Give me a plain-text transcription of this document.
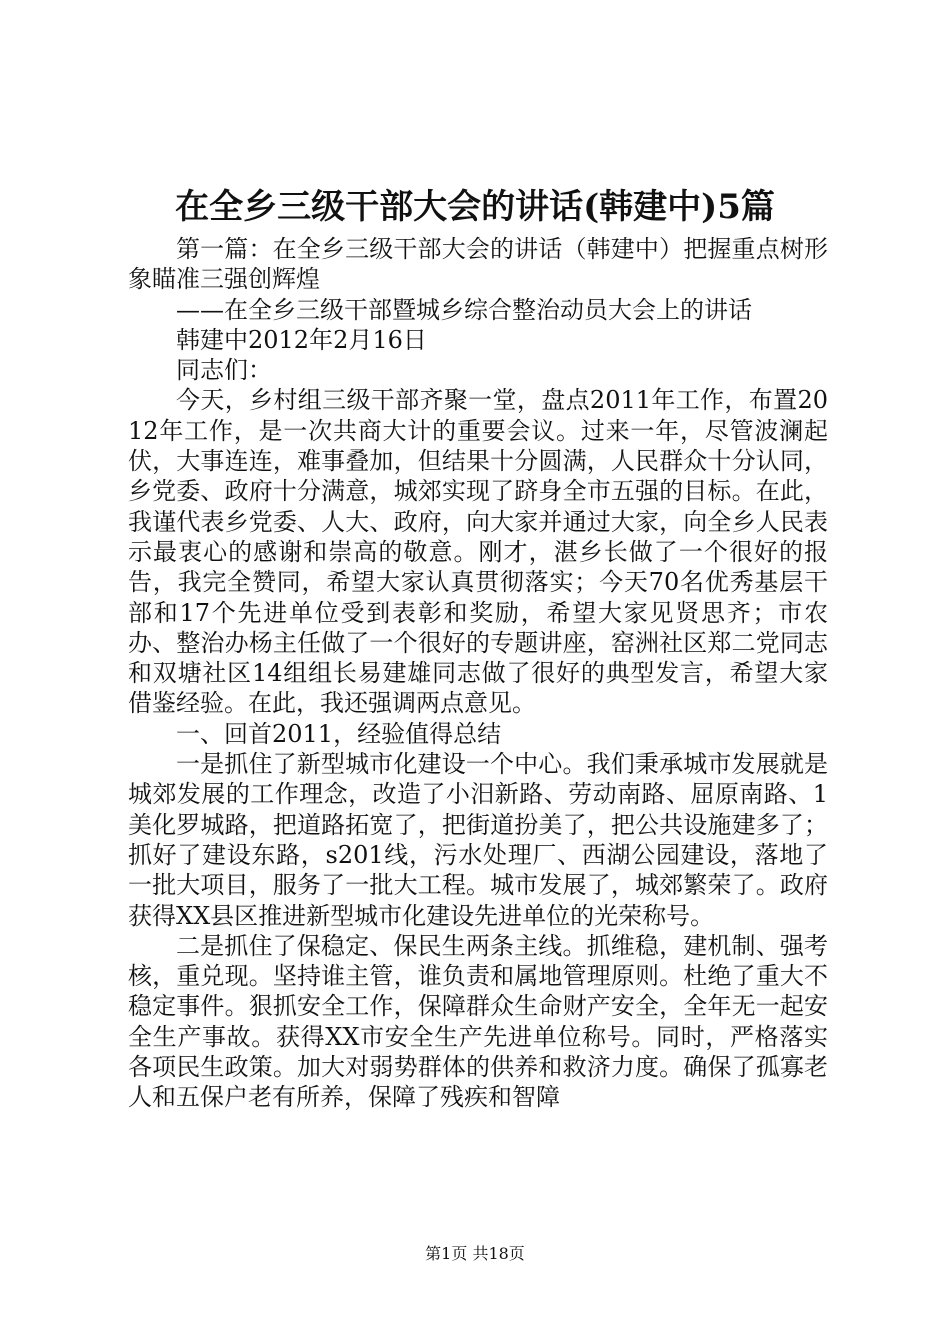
在全乡三级干部大会的讲话(韩建中)5篇

第一篇：在全乡三级干部大会的讲话（韩建中）把握重点树形象瞄准三强创辉煌

——在全乡三级干部暨城乡综合整治动员大会上的讲话

韩建中2012年2月16日

同志们：

今天，乡村组三级干部齐聚一堂，盘点2011年工作，布置2012年工作，是一次共商大计的重要会议。过来一年，尽管波澜起伏，大事连连，难事叠加，但结果十分圆满，人民群众十分认同，乡党委、政府十分满意，城郊实现了跻身全市五强的目标。在此，我谨代表乡党委、人大、政府，向大家并通过大家，向全乡人民表示最衷心的感谢和崇高的敬意。刚才，湛乡长做了一个很好的报告，我完全赞同，希望大家认真贯彻落实；今天70名优秀基层干部和17个先进单位受到表彰和奖励，希望大家见贤思齐；市农办、整治办杨主任做了一个很好的专题讲座，窑洲社区郑二党同志和双塘社区14组组长易建雄同志做了很好的典型发言，希望大家借鉴经验。在此，我还强调两点意见。

一、回首2011，经验值得总结

一是抓住了新型城市化建设一个中心。我们秉承城市发展就是城郊发展的工作理念，改造了小汨新路、劳动南路、屈原南路、1美化罗城路，把道路拓宽了，把街道扮美了，把公共设施建多了；抓好了建设东路，s201线，污水处理厂、西湖公园建设，落地了一批大项目，服务了一批大工程。城市发展了，城郊繁荣了。政府获得XX县区推进新型城市化建设先进单位的光荣称号。

二是抓住了保稳定、保民生两条主线。抓维稳，建机制、强考核，重兑现。坚持谁主管，谁负责和属地管理原则。杜绝了重大不稳定事件。狠抓安全工作，保障群众生命财产安全，全年无一起安全生产事故。获得XX市安全生产先进单位称号。同时，严格落实各项民生政策。加大对弱势群体的供养和救济力度。确保了孤寡老人和五保户老有所养，保障了残疾和智障

第1页 共18页
